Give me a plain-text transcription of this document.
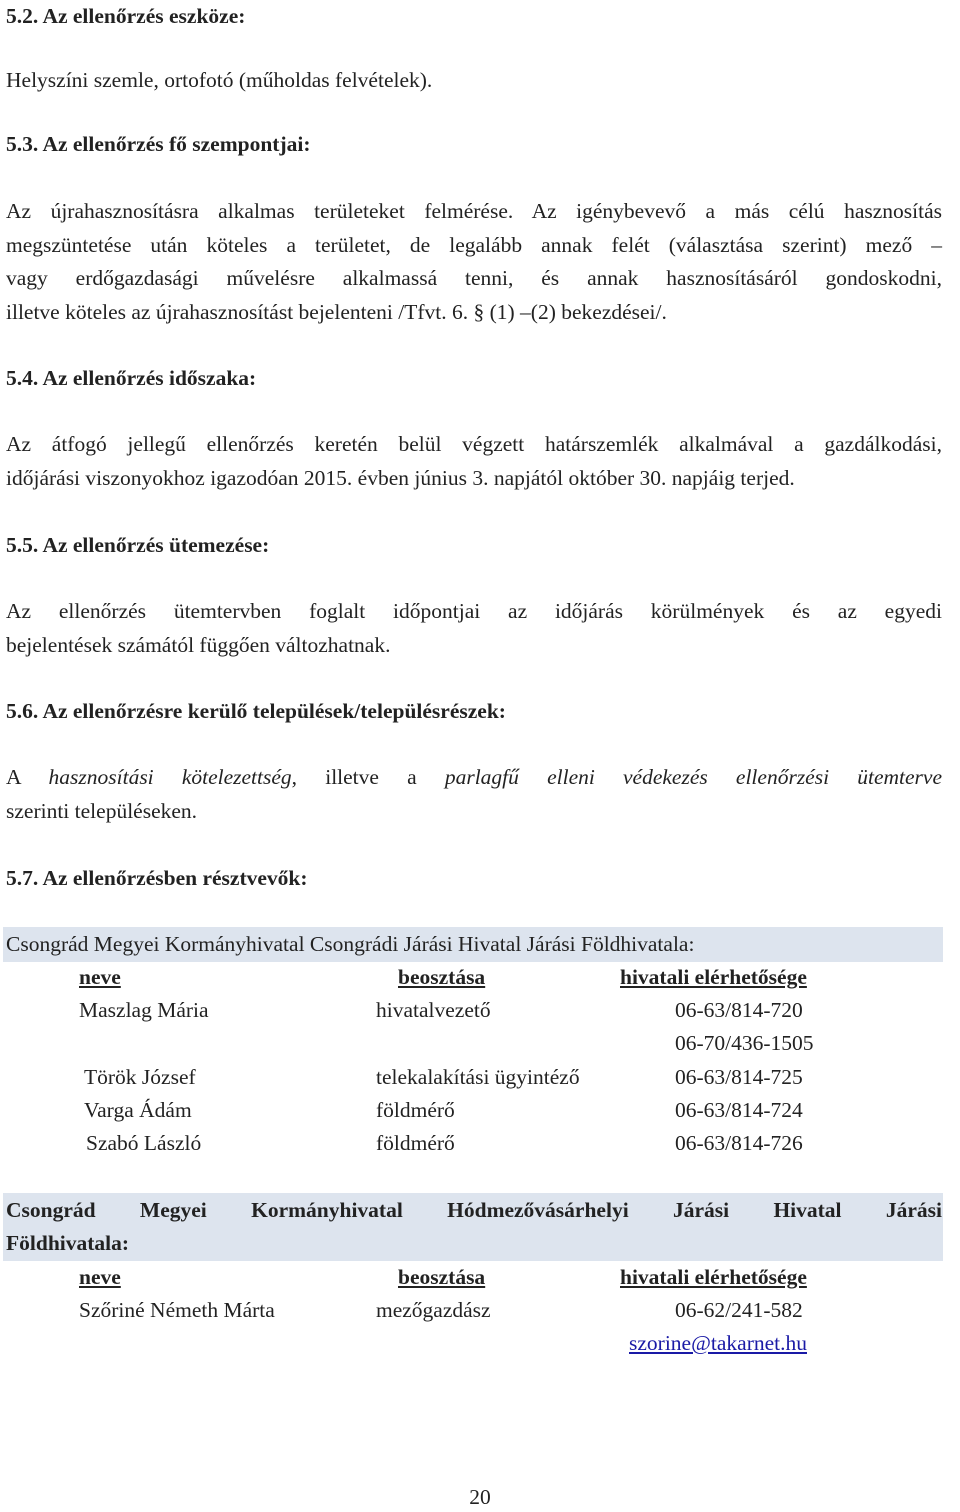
5.2. Az ellenőrzés eszköze:
Helyszíni szemle, ortofotó (műholdas felvételek).
5.3. Az ellenőrzés fő szempontjai:
Az újrahasznosításra alkalmas területeket felmérése. Az igénybevevő a más célú hasznosítás
megszüntetése után köteles a területet, de legalább annak felét (választása szerint) mező –
vagy erdőgazdasági művelésre alkalmassá tenni, és annak hasznosításáról gondoskodni,
illetve köteles az újrahasznosítást bejelenteni /Tfvt. 6. § (1) –(2) bekezdései/.
5.4. Az ellenőrzés időszaka:
Az átfogó jellegű ellenőrzés keretén belül végzett határszemlék alkalmával a gazdálkodási,
időjárási viszonyokhoz igazodóan 2015. évben június 3. napjától október 30. napjáig terjed.
5.5. Az ellenőrzés ütemezése:
Az ellenőrzés ütemtervben foglalt időpontjai az időjárás körülmények és az egyedi
bejelentések számától függően változhatnak.
5.6. Az ellenőrzésre kerülő települések/településrészek:
A hasznosítási kötelezettség, illetve a parlagfű elleni védekezés ellenőrzési ütemterve
szerinti településeken.
5.7. Az ellenőrzésben résztvevők:
Csongrád Megyei Kormányhivatal Csongrádi Járási Hivatal Járási Földhivatala:
neve	beosztása	hivatali elérhetősége
Maszlag Mária	hivatalvezető	06-63/814-720
06-70/436-1505
Török József	telekalakítási ügyintéző	06-63/814-725
Varga Ádám	földmérő	06-63/814-724
Szabó László	földmérő	06-63/814-726
Csongrád Megyei Kormányhivatal Hódmezővásárhelyi Járási Hivatal Járási
Földhivatala:
neve	beosztása	hivatali elérhetősége
Szőriné Németh Márta	mezőgazdász	06-62/241-582
szorine@takarnet.hu
20
